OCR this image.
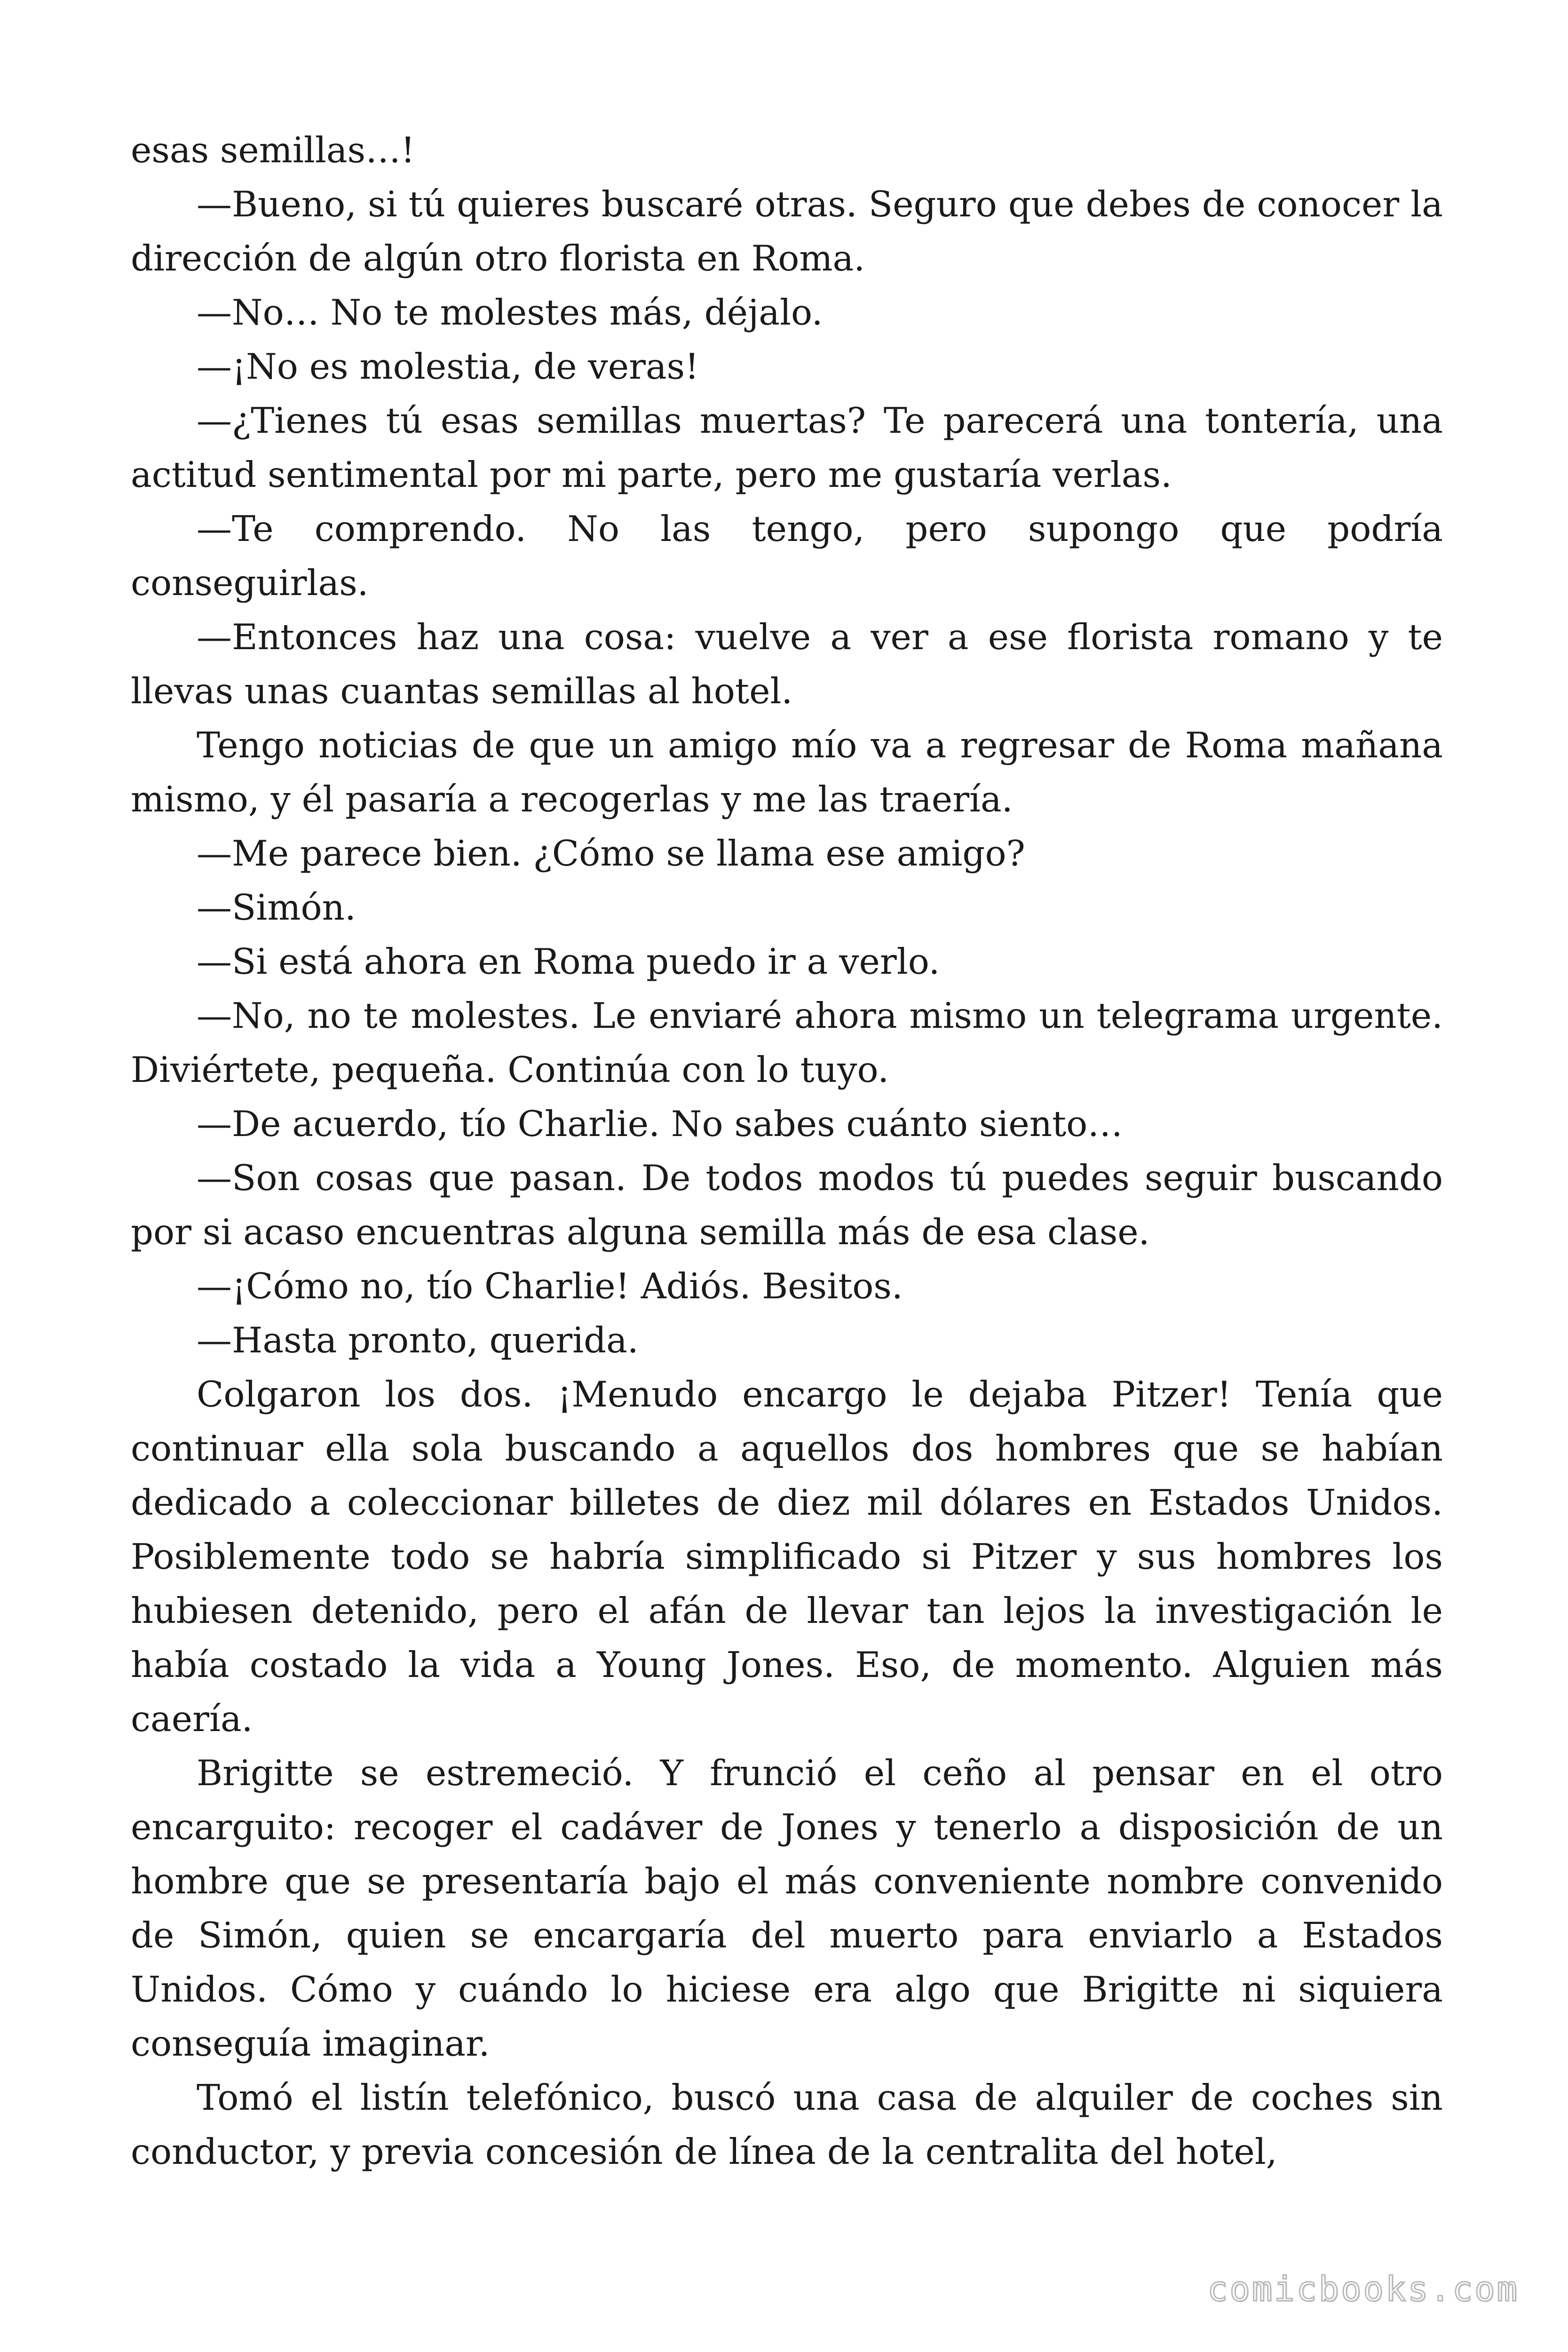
esas semillas…!

—Bueno, si tú quieres buscaré otras. Seguro que debes de conocer la dirección de algún otro florista en Roma.

—No… No te molestes más, déjalo.

—¡No es molestia, de veras!

—¿Tienes tú esas semillas muertas? Te parecerá una tontería, una actitud sentimental por mi parte, pero me gustaría verlas.

—Te comprendo. No las tengo, pero supongo que podría conseguirlas.

—Entonces haz una cosa: vuelve a ver a ese florista romano y te llevas unas cuantas semillas al hotel.

Tengo noticias de que un amigo mío va a regresar de Roma mañana mismo, y él pasaría a recogerlas y me las traería.

—Me parece bien. ¿Cómo se llama ese amigo?

—Simón.

—Si está ahora en Roma puedo ir a verlo.

—No, no te molestes. Le enviaré ahora mismo un telegrama urgente. Diviértete, pequeña. Continúa con lo tuyo.

—De acuerdo, tío Charlie. No sabes cuánto siento…

—Son cosas que pasan. De todos modos tú puedes seguir buscando por si acaso encuentras alguna semilla más de esa clase.

—¡Cómo no, tío Charlie! Adiós. Besitos.

—Hasta pronto, querida.

Colgaron los dos. ¡Menudo encargo le dejaba Pitzer! Tenía que continuar ella sola buscando a aquellos dos hombres que se habían dedicado a coleccionar billetes de diez mil dólares en Estados Unidos. Posiblemente todo se habría simplificado si Pitzer y sus hombres los hubiesen detenido, pero el afán de llevar tan lejos la investigación le había costado la vida a Young Jones. Eso, de momento. Alguien más caería.

Brigitte se estremeció. Y frunció el ceño al pensar en el otro encarguito: recoger el cadáver de Jones y tenerlo a disposición de un hombre que se presentaría bajo el más conveniente nombre convenido de Simón, quien se encargaría del muerto para enviarlo a Estados Unidos. Cómo y cuándo lo hiciese era algo que Brigitte ni siquiera conseguía imaginar.

Tomó el listín telefónico, buscó una casa de alquiler de coches sin conductor, y previa concesión de línea de la centralita del hotel,

comicbooks.com
